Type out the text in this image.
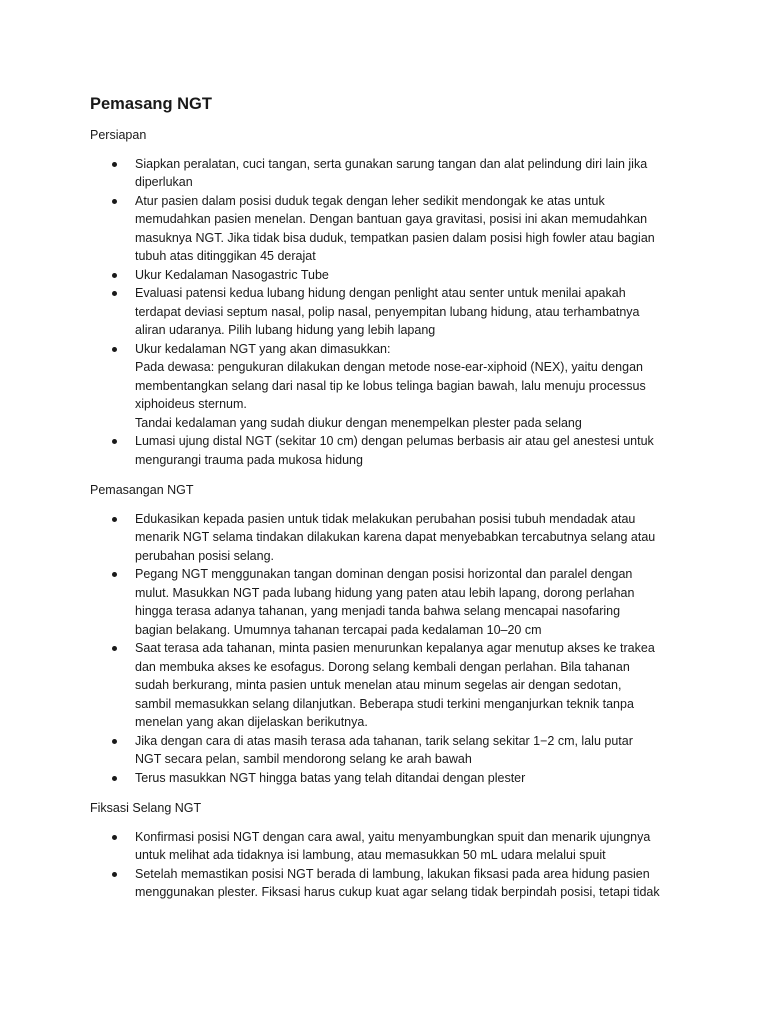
Pemasang NGT
Persiapan
Siapkan peralatan, cuci tangan, serta gunakan sarung tangan dan alat pelindung diri lain jika diperlukan
Atur pasien dalam posisi duduk tegak dengan leher sedikit mendongak ke atas untuk memudahkan pasien menelan. Dengan bantuan gaya gravitasi, posisi ini akan memudahkan masuknya NGT. Jika tidak bisa duduk, tempatkan pasien dalam posisi high fowler atau bagian tubuh atas ditinggikan 45 derajat
Ukur Kedalaman Nasogastric Tube
Evaluasi patensi kedua lubang hidung dengan penlight atau senter untuk menilai apakah terdapat deviasi septum nasal, polip nasal, penyempitan lubang hidung, atau terhambatnya aliran udaranya. Pilih lubang hidung yang lebih lapang
Ukur kedalaman NGT yang akan dimasukkan:
Pada dewasa: pengukuran dilakukan dengan metode nose-ear-xiphoid (NEX), yaitu dengan membentangkan selang dari nasal tip ke lobus telinga bagian bawah, lalu menuju processus xiphoideus sternum.
Tandai kedalaman yang sudah diukur dengan menempelkan plester pada selang
Lumasi ujung distal NGT (sekitar 10 cm) dengan pelumas berbasis air atau gel anestesi untuk mengurangi trauma pada mukosa hidung
Pemasangan NGT
Edukasikan kepada pasien untuk tidak melakukan perubahan posisi tubuh mendadak atau menarik NGT selama tindakan dilakukan karena dapat menyebabkan tercabutnya selang atau perubahan posisi selang.
Pegang NGT menggunakan tangan dominan dengan posisi horizontal dan paralel dengan mulut. Masukkan NGT pada lubang hidung yang paten atau lebih lapang, dorong perlahan hingga terasa adanya tahanan, yang menjadi tanda bahwa selang mencapai nasofaring bagian belakang. Umumnya tahanan tercapai pada kedalaman 10–20 cm
Saat terasa ada tahanan, minta pasien menurunkan kepalanya agar menutup akses ke trakea dan membuka akses ke esofagus. Dorong selang kembali dengan perlahan. Bila tahanan sudah berkurang, minta pasien untuk menelan atau minum segelas air dengan sedotan, sambil memasukkan selang dilanjutkan. Beberapa studi terkini menganjurkan teknik tanpa menelan yang akan dijelaskan berikutnya.
Jika dengan cara di atas masih terasa ada tahanan, tarik selang sekitar 1−2 cm, lalu putar NGT secara pelan, sambil mendorong selang ke arah bawah
Terus masukkan NGT hingga batas yang telah ditandai dengan plester
Fiksasi Selang NGT
Konfirmasi posisi NGT dengan cara awal, yaitu menyambungkan spuit dan menarik ujungnya untuk melihat ada tidaknya isi lambung, atau memasukkan 50 mL udara melalui spuit
Setelah memastikan posisi NGT berada di lambung, lakukan fiksasi pada area hidung pasien menggunakan plester. Fiksasi harus cukup kuat agar selang tidak berpindah posisi, tetapi tidak
